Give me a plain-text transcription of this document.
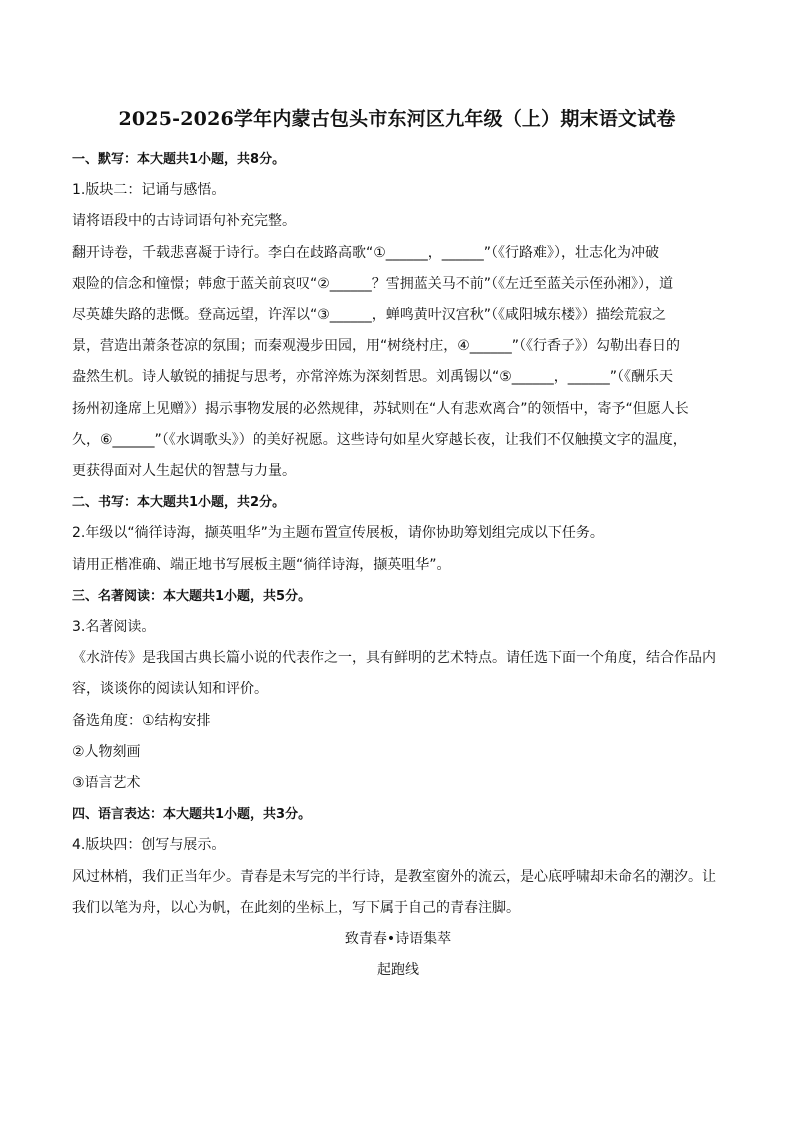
2025-2026学年内蒙古包头市东河区九年级（上）期末语文试卷

一、默写：本大题共1小题，共8分。

1.版块二：记诵与感悟。

请将语段中的古诗词语句补充完整。

翻开诗卷，千载悲喜凝于诗行。李白在歧路高歌“①______，______”（《行路难》），壮志化为冲破

艰险的信念和憧憬；韩愈于蓝关前哀叹“②______？雪拥蓝关马不前”（《左迁至蓝关示侄孙湘》），道

尽英雄失路的悲慨。登高远望，许浑以“③______，蝉鸣黄叶汉宫秋”（《咸阳城东楼》）描绘荒寂之

景，营造出萧条苍凉的氛围；而秦观漫步田园，用“树绕村庄，④______”（《行香子》）勾勒出春日的

盎然生机。诗人敏锐的捕捉与思考，亦常淬炼为深刻哲思。刘禹锡以“⑤______，______”（《酬乐天

扬州初逢席上见赠》）揭示事物发展的必然规律，苏轼则在“人有悲欢离合”的领悟中，寄予“但愿人长

久，⑥______”（《水调歌头》）的美好祝愿。这些诗句如星火穿越长夜，让我们不仅触摸文字的温度，

更获得面对人生起伏的智慧与力量。

二、书写：本大题共1小题，共2分。

2.年级以“徜徉诗海，撷英咀华”为主题布置宣传展板，请你协助筹划组完成以下任务。

请用正楷准确、端正地书写展板主题“徜徉诗海，撷英咀华”。

三、名著阅读：本大题共1小题，共5分。

3.名著阅读。

《水浒传》是我国古典长篇小说的代表作之一，具有鲜明的艺术特点。请任选下面一个角度，结合作品内

容，谈谈你的阅读认知和评价。

备选角度：①结构安排

②人物刻画

③语言艺术

四、语言表达：本大题共1小题，共3分。

4.版块四：创写与展示。

风过林梢，我们正当年少。青春是未写完的半行诗，是教室窗外的流云，是心底呼啸却未命名的潮汐。让

我们以笔为舟，以心为帆，在此刻的坐标上，写下属于自己的青春注脚。

致青春•诗语集萃

起跑线
